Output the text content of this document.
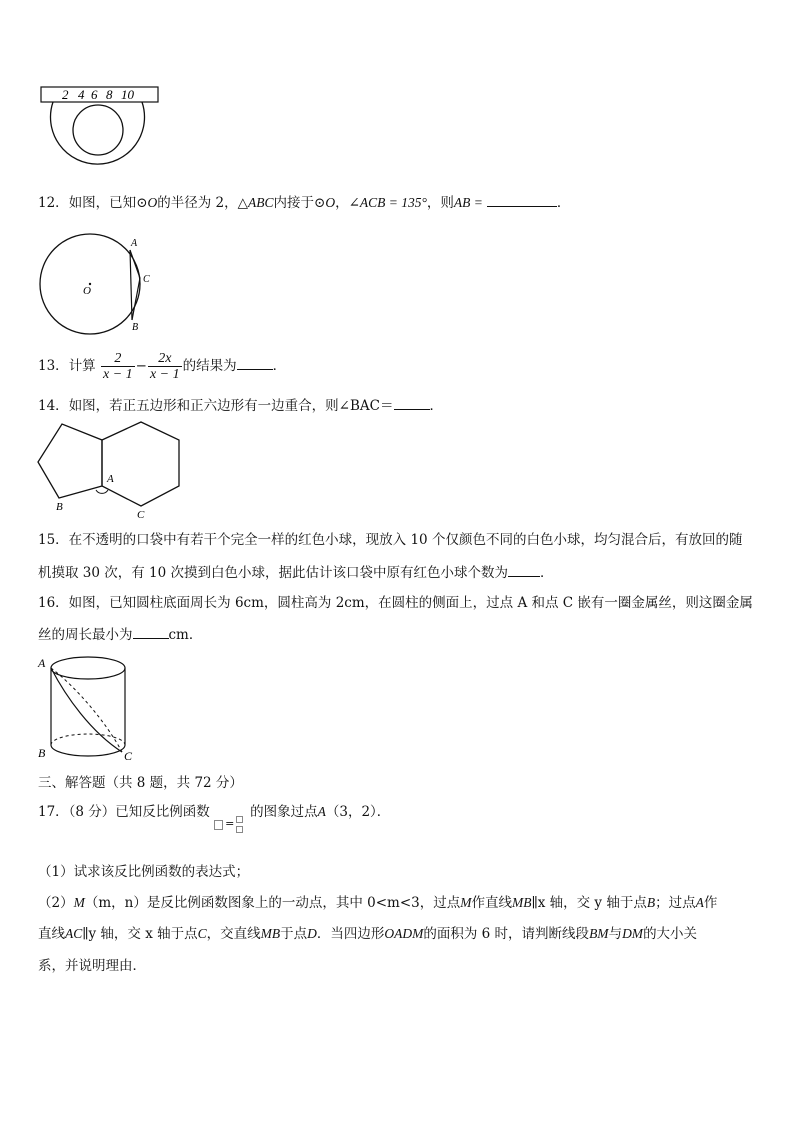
2 4 6 8 10
12．如图，已知⊙O的半径为 2，△ABC内接于⊙O，∠ACB = 135°，则AB =	．
A
C
B
O
13．计算 $\frac{2}{x - 1} - \frac{2x}{x - 1}$ 的结果为	．
14．如图，若正五边形和正六边形有一边重合，则∠BAC＝	．
A
B
C
15．在不透明的口袋中有若干个完全一样的红色小球，现放入 10 个仅颜色不同的白色小球，均匀混合后，有放回的随
机摸取 30 次，有 10 次摸到白色小球，据此估计该口袋中原有红色小球个数为 ．
16．如图，已知圆柱底面周长为 6cm，圆柱高为 2cm，在圆柱的侧面上，过点 A 和点 C 嵌有一圈金属丝，则这圈金属
丝的周长最小为	cm．
A
B	C
三、解答题（共 8 题，共 72 分）
17．（8 分）已知反比例函数
=
的图象过点A（3，2）．
（1）试求该反比例函数的表达式；
（2）M（m，n）是反比例函数图象上的一动点，其中 0<m<3，过点M作直线MB∥x 轴，交 y 轴于点B；过点A作
直线AC∥y 轴，交 x 轴于点C，交直线MB于点D．当四边形OADM的面积为 6 时，请判断线段BM与DM的大小关
系，并说明理由．
